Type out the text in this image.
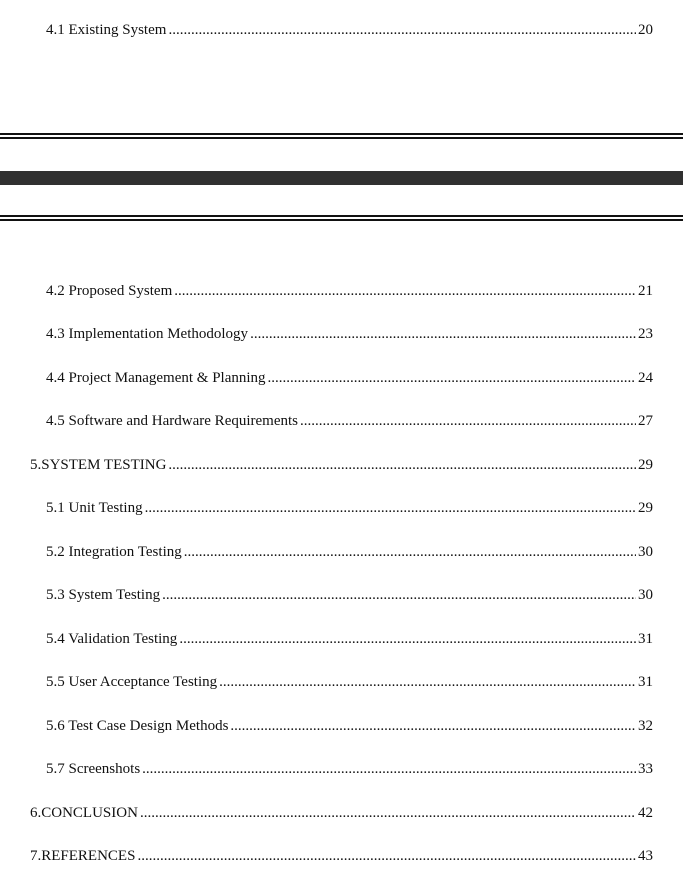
4.1 Existing System .....	20
4.2 Proposed System .....	21
4.3 Implementation Methodology .....	23
4.4 Project Management & Planning .....	24
4.5 Software and Hardware Requirements .....	27
5.SYSTEM TESTING .....	29
5.1 Unit Testing .....	29
5.2 Integration Testing .....	30
5.3 System Testing .....	30
5.4 Validation Testing .....	31
5.5 User Acceptance Testing .....	31
5.6 Test Case Design Methods .....	32
5.7 Screenshots .....	33
6.CONCLUSION .....	42
7.REFERENCES .....	43
